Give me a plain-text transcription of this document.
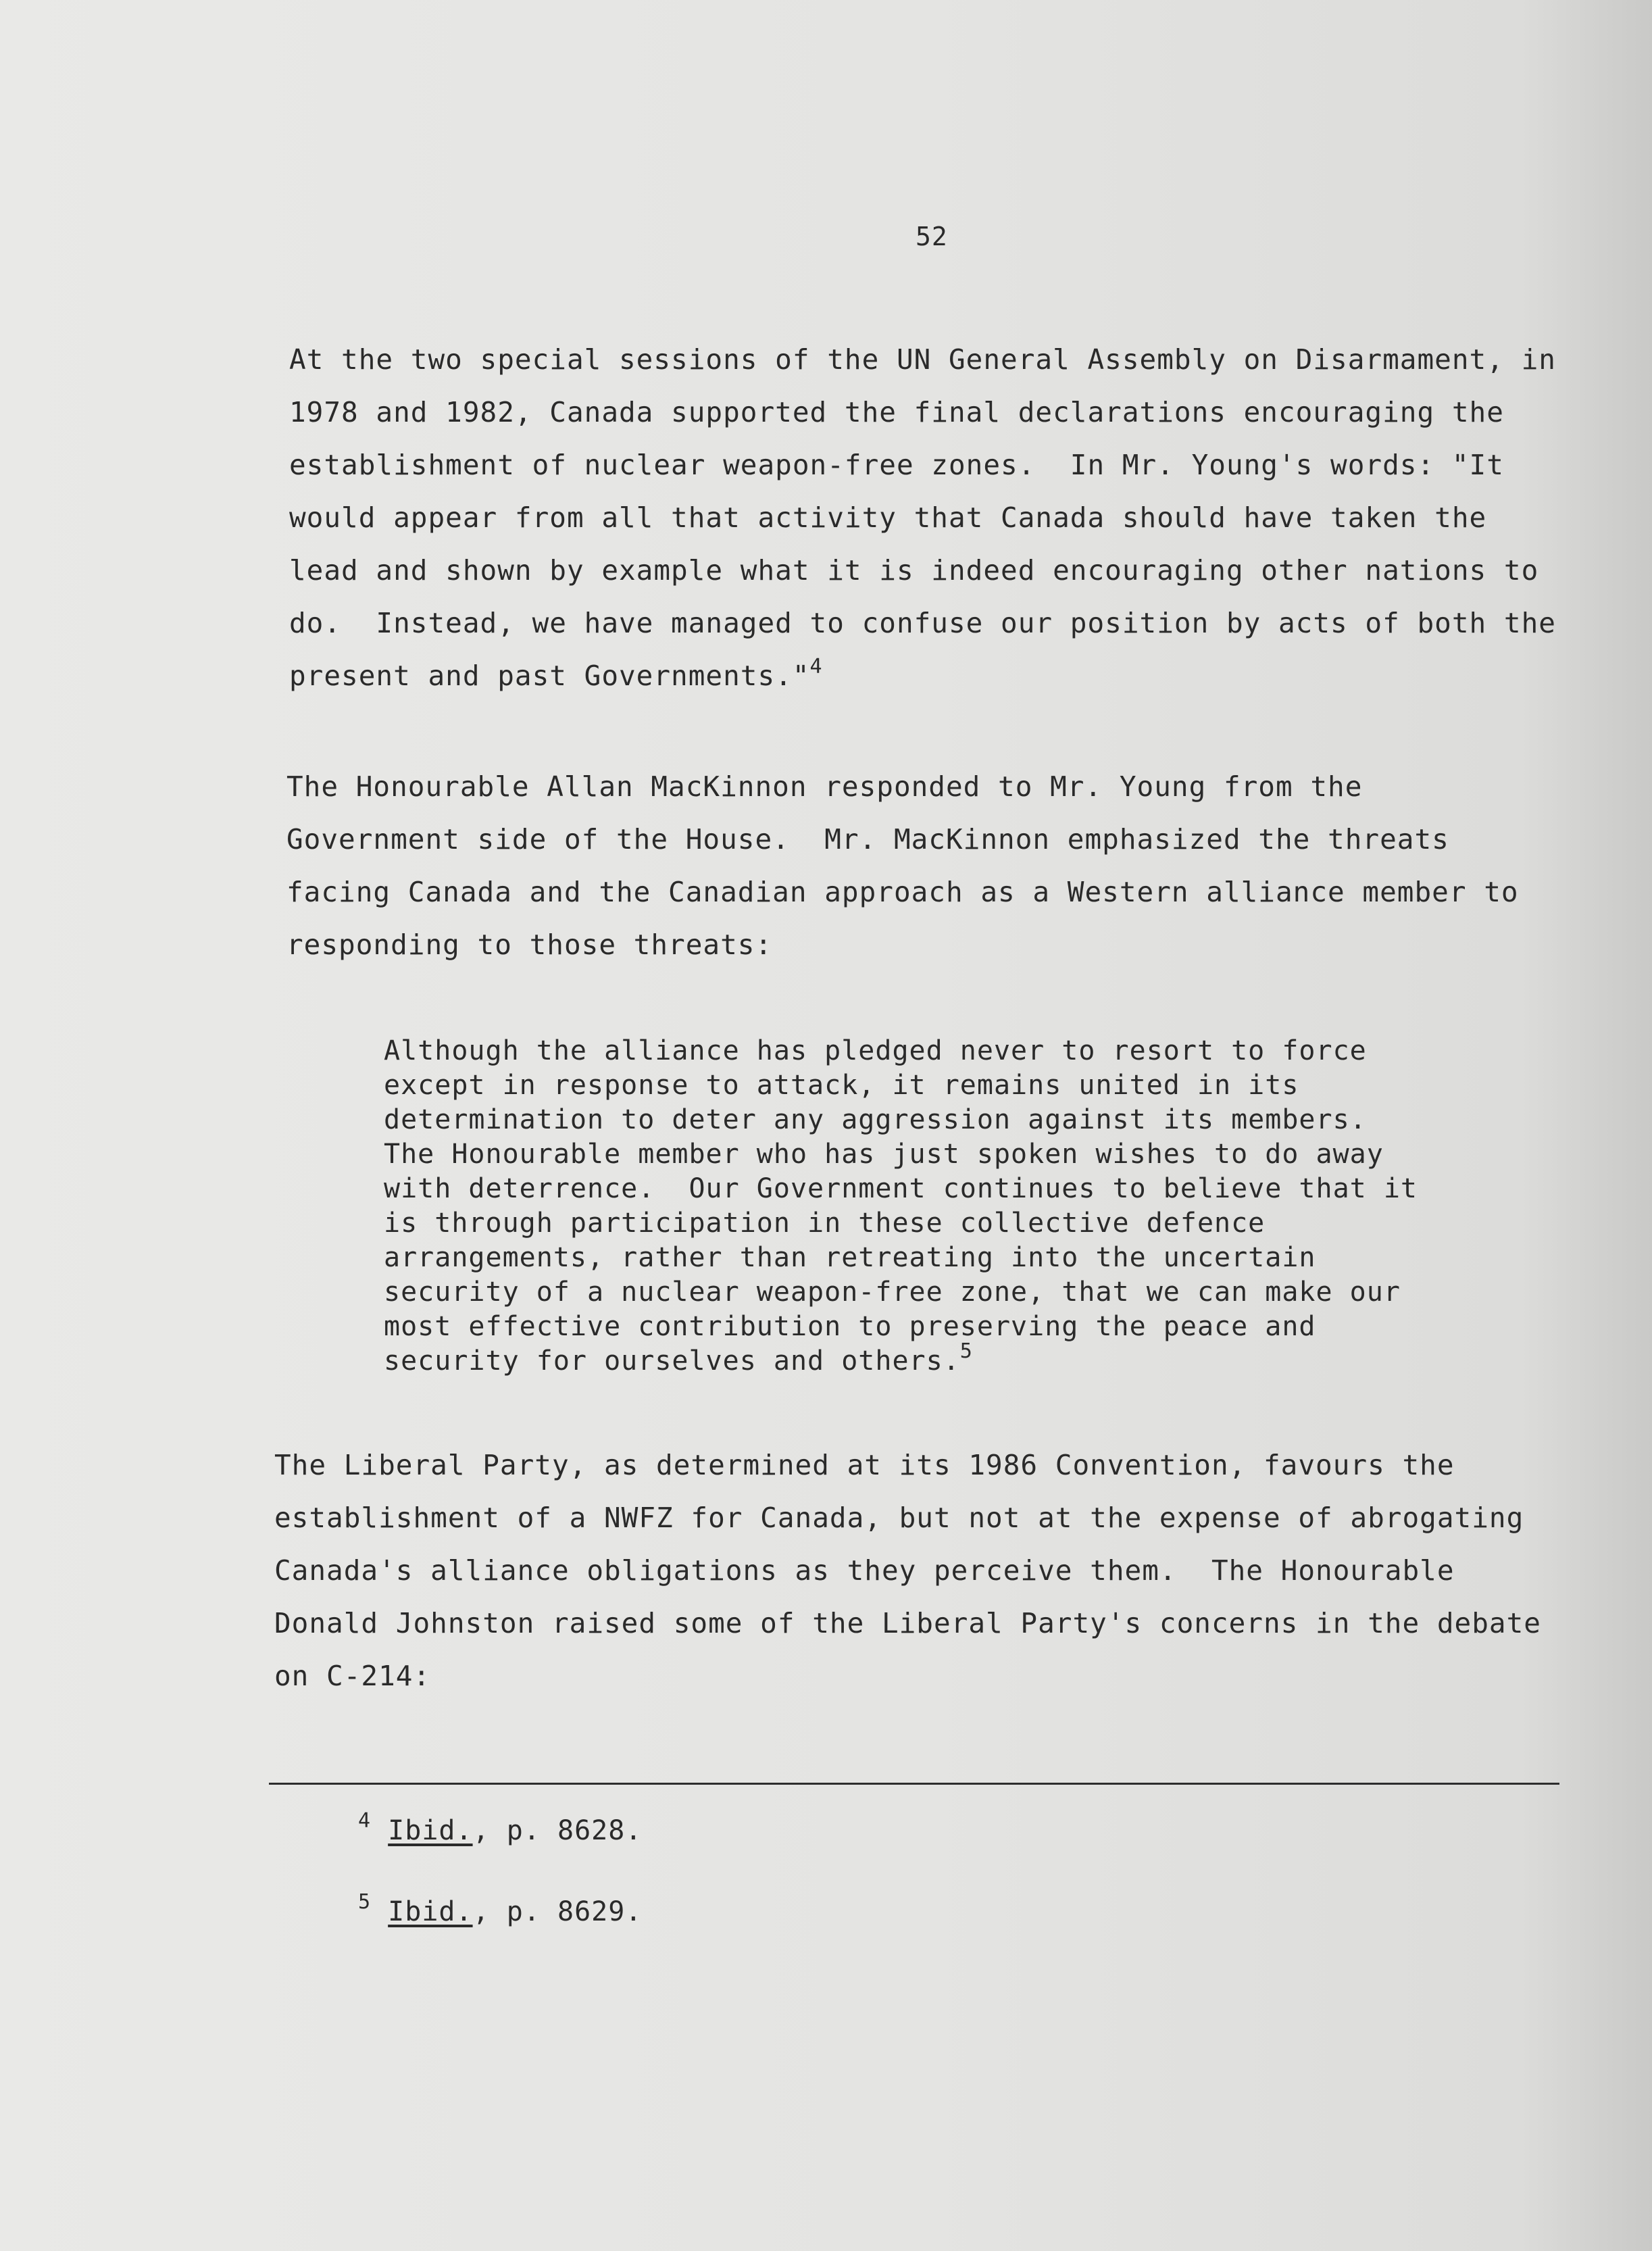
52
At the two special sessions of the UN General Assembly on Disarmament, in
1978 and 1982, Canada supported the final declarations encouraging the
establishment of nuclear weapon-free zones.  In Mr. Young's words: "It
would appear from all that activity that Canada should have taken the
lead and shown by example what it is indeed encouraging other nations to
do.  Instead, we have managed to confuse our position by acts of both the
present and past Governments."$^4$
The Honourable Allan MacKinnon responded to Mr. Young from the
Government side of the House.  Mr. MacKinnon emphasized the threats
facing Canada and the Canadian approach as a Western alliance member to
responding to those threats:
Although the alliance has pledged never to resort to force
except in response to attack, it remains united in its
determination to deter any aggression against its members.
The Honourable member who has just spoken wishes to do away
with deterrence.  Our Government continues to believe that it
is through participation in these collective defence
arrangements, rather than retreating into the uncertain
security of a nuclear weapon-free zone, that we can make our
most effective contribution to preserving the peace and
security for ourselves and others.$^5$
The Liberal Party, as determined at its 1986 Convention, favours the
establishment of a NWFZ for Canada, but not at the expense of abrogating
Canada's alliance obligations as they perceive them.  The Honourable
Donald Johnston raised some of the Liberal Party's concerns in the debate
on C-214:
$^4$ Ibid., p. 8628.
$^5$ Ibid., p. 8629.
